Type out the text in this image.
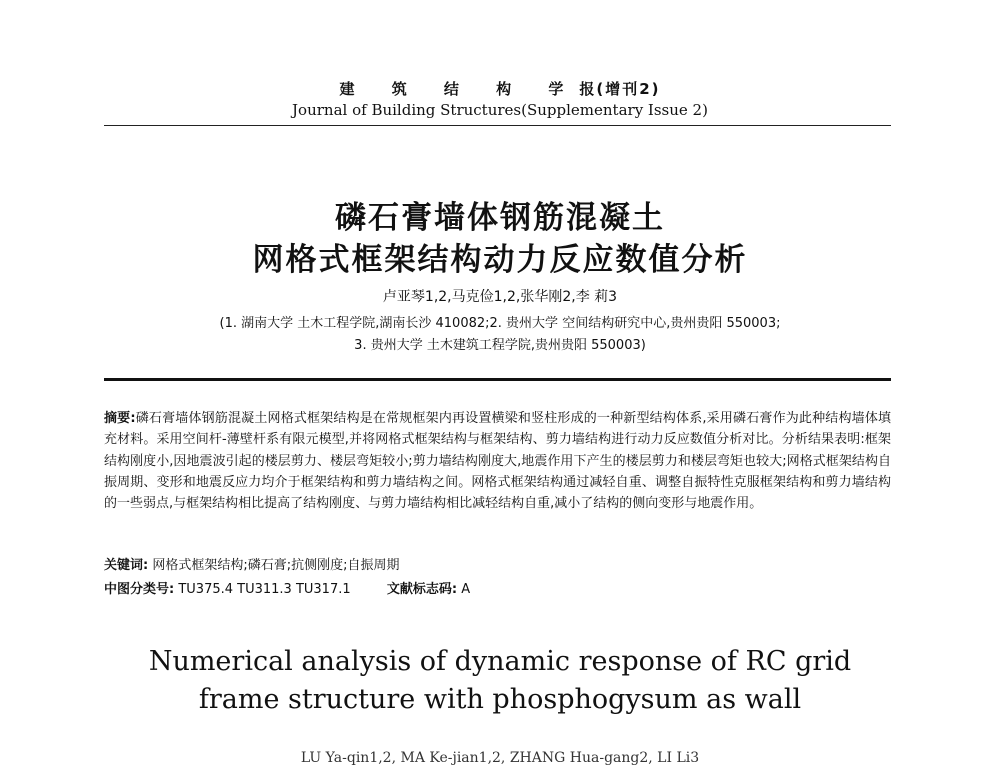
建 筑 结 构 学报(增刊2)
Journal of Building Structures(Supplementary Issue 2)
磷石膏墙体钢筋混凝土
网格式框架结构动力反应数值分析
卢亚琴1,2,马克俭1,2,张华刚2,李 莉3
(1. 湖南大学 土木工程学院,湖南长沙 410082;2. 贵州大学 空间结构研究中心,贵州贵阳 550003;
3. 贵州大学 土木建筑工程学院,贵州贵阳 550003)
摘要:磷石膏墙体钢筋混凝土网格式框架结构是在常规框架内再设置横梁和竖柱形成的一种新型结构体系,采用磷石膏作为此种结构墙体填充材料。采用空间杆-薄壁杆系有限元模型,并将网格式框架结构与框架结构、剪力墙结构进行动力反应数值分析对比。分析结果表明:框架结构刚度小,因地震波引起的楼层剪力、楼层弯矩较小;剪力墙结构刚度大,地震作用下产生的楼层剪力和楼层弯矩也较大;网格式框架结构自振周期、变形和地震反应力均介于框架结构和剪力墙结构之间。网格式框架结构通过减轻自重、调整自振特性克服框架结构和剪力墙结构的一些弱点,与框架结构相比提高了结构刚度、与剪力墙结构相比减轻结构自重,减小了结构的侧向变形与地震作用。
关键词: 网格式框架结构;磷石膏;抗侧刚度;自振周期
中图分类号: TU375.4 TU311.3 TU317.1	文献标志码: A
Numerical analysis of dynamic response of RC grid
frame structure with phosphogysum as wall
LU Ya-qin1,2, MA Ke-jian1,2, ZHANG Hua-gang2, LI Li3
